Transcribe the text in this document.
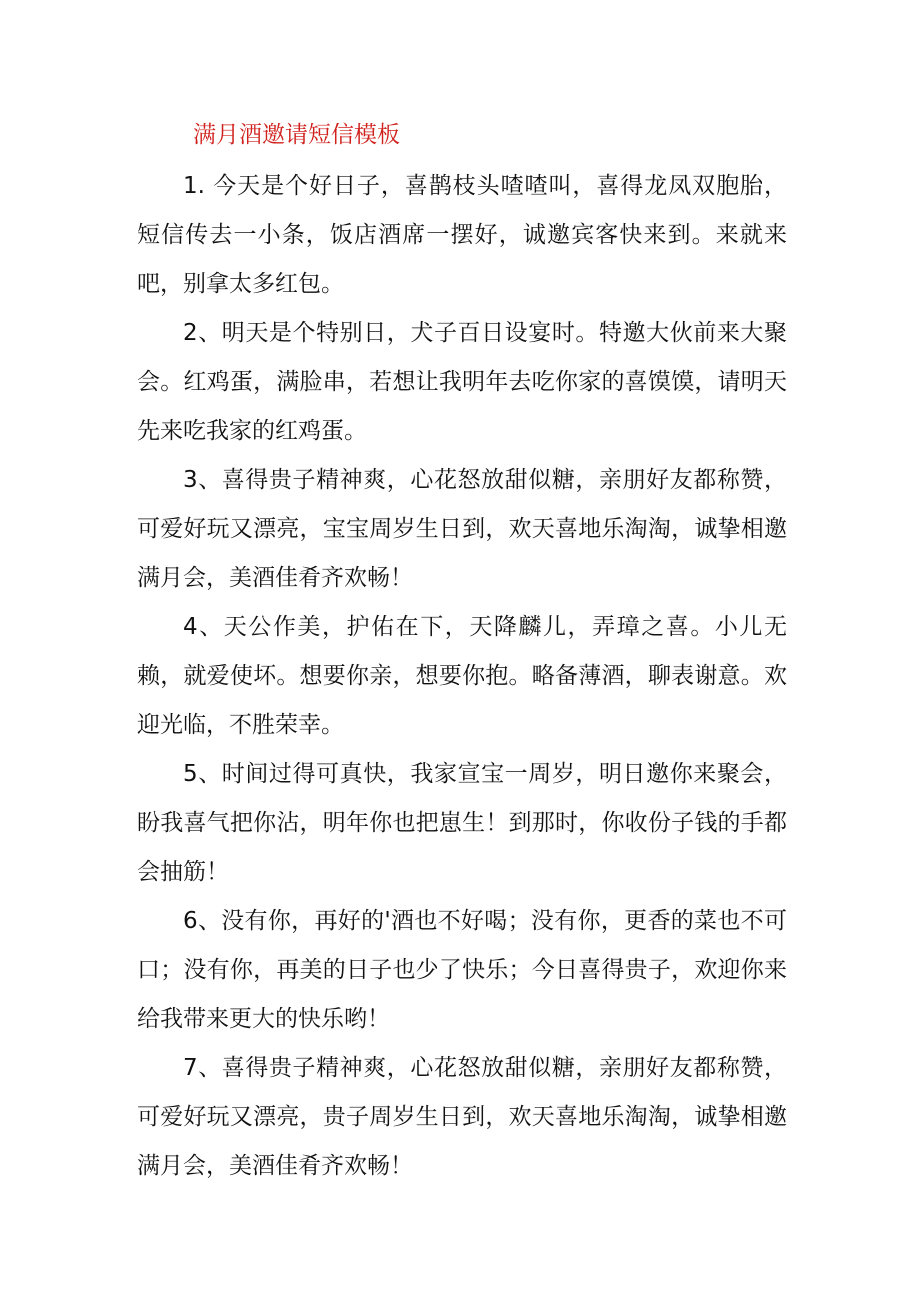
满月酒邀请短信模板

1. 今天是个好日子，喜鹊枝头喳喳叫，喜得龙凤双胞胎，短信传去一小条，饭店酒席一摆好，诚邀宾客快来到。来就来吧，别拿太多红包。

2、明天是个特别日，犬子百日设宴时。特邀大伙前来大聚会。红鸡蛋，满脸串，若想让我明年去吃你家的喜馍馍，请明天先来吃我家的红鸡蛋。

3、喜得贵子精神爽，心花怒放甜似糖，亲朋好友都称赞，可爱好玩又漂亮，宝宝周岁生日到，欢天喜地乐淘淘，诚挚相邀满月会，美酒佳肴齐欢畅！

4、天公作美，护佑在下，天降麟儿，弄璋之喜。小儿无赖，就爱使坏。想要你亲，想要你抱。略备薄酒，聊表谢意。欢迎光临，不胜荣幸。

5、时间过得可真快，我家宣宝一周岁，明日邀你来聚会，盼我喜气把你沾，明年你也把崽生！到那时，你收份子钱的手都会抽筋！

6、没有你，再好的'酒也不好喝；没有你，更香的菜也不可口；没有你，再美的日子也少了快乐；今日喜得贵子，欢迎你来给我带来更大的快乐哟！

7、喜得贵子精神爽，心花怒放甜似糖，亲朋好友都称赞，可爱好玩又漂亮，贵子周岁生日到，欢天喜地乐淘淘，诚挚相邀满月会，美酒佳肴齐欢畅！
